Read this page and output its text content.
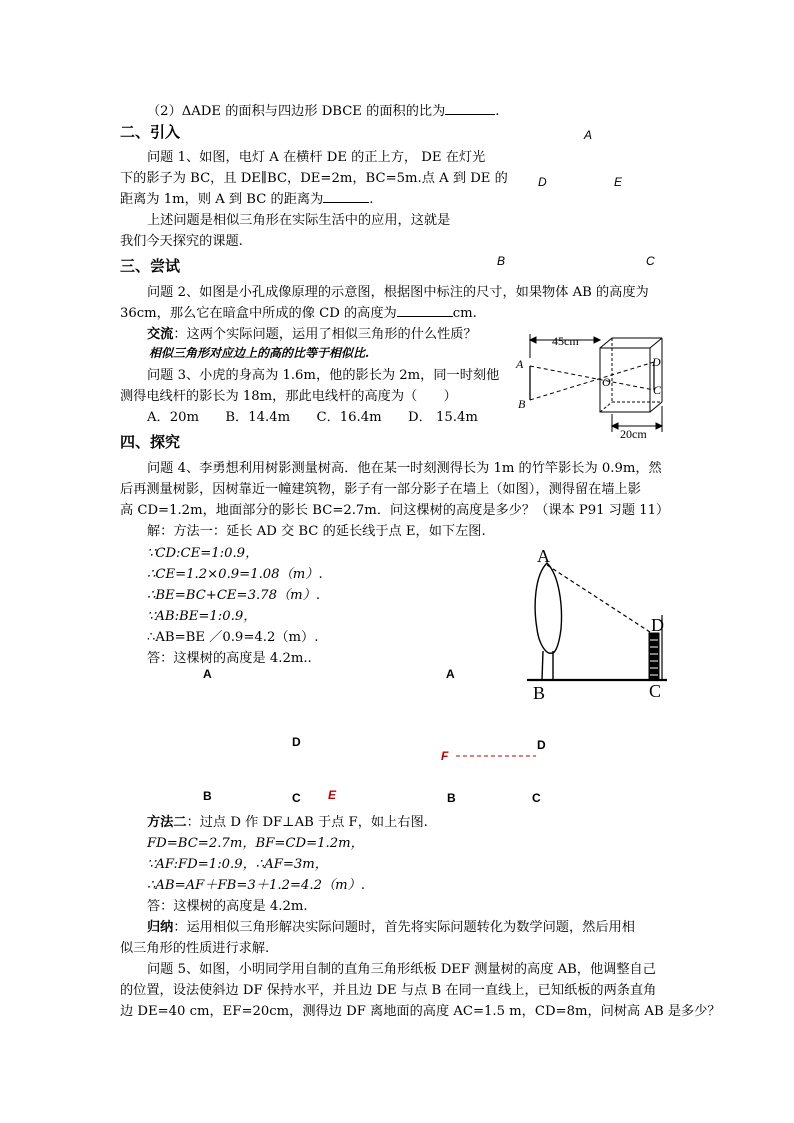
（2）ΔADE 的面积与四边形 DBCE 的面积的比为	.
二、引入
问题 1、如图，电灯 A 在横杆 DE 的正上方， DE 在灯光
下的影子为 BC，且 DE∥BC，DE=2m，BC=5m.点 A 到 DE 的
距离为 1m，则 A 到 BC 的距离为	.
上述问题是相似三角形在实际生活中的应用，这就是
我们今天探究的课题.
A
D	E
B	C
三、尝试
问题 2、如图是小孔成像原理的示意图，根据图中标注的尺寸，如果物体 AB 的高度为
36cm，那么它在暗盒中所成的像 CD 的高度为	cm.
交流：这两个实际问题，运用了相似三角形的什么性质？
相似三角形对应边上的高的比等于相似比.
问题 3、小虎的身高为 1.6m，他的影长为 2m，同一时刻他
测得电线杆的影长为 18m，那此电线杆的高度为（　　）
A．20m　　B．14.4m　　C．16.4m　　D． 15.4m
45cm
20cm
A
B
O
D
C
四、探究
问题 4、李勇想利用树影测量树高．他在某一时刻测得长为 1m 的竹竿影长为 0.9m，然
后再测量树影，因树靠近一幢建筑物，影子有一部分影子在墙上（如图），测得留在墙上影
高 CD=1.2m，地面部分的影长 BC=2.7m．问这棵树的高度是多少？（课本 P91 习题 11）
解：方法一：延长 AD 交 BC 的延长线于点 E，如下左图.
∵CD:CE=1:0.9，
∴CE=1.2×0.9=1.08（m）.
∴BE=BC+CE=3.78（m）.
∵AB:BE=1:0.9，
∴AB=BE ／0.9=4.2（m）.
答：这棵树的高度是 4.2m..
A
D
B	C
A
D
B	C E
A
D
F
B	C
方法二：过点 D 作 DF⊥AB 于点 F，如上右图.
FD=BC=2.7m，BF=CD=1.2m，
∵AF:FD=1:0.9，∴AF=3m，
∴AB=AF＋FB=3＋1.2=4.2（m）.
答：这棵树的高度是 4.2m.
归纳：运用相似三角形解决实际问题时，首先将实际问题转化为数学问题，然后用相
似三角形的性质进行求解.
问题 5、如图，小明同学用自制的直角三角形纸板 DEF 测量树的高度 AB，他调整自己
的位置，设法使斜边 DF 保持水平，并且边 DE 与点 B 在同一直线上，已知纸板的两条直角
边 DE=40 cm，EF=20cm，测得边 DF 离地面的高度 AC=1.5 m，CD=8m，问树高 AB 是多少？
